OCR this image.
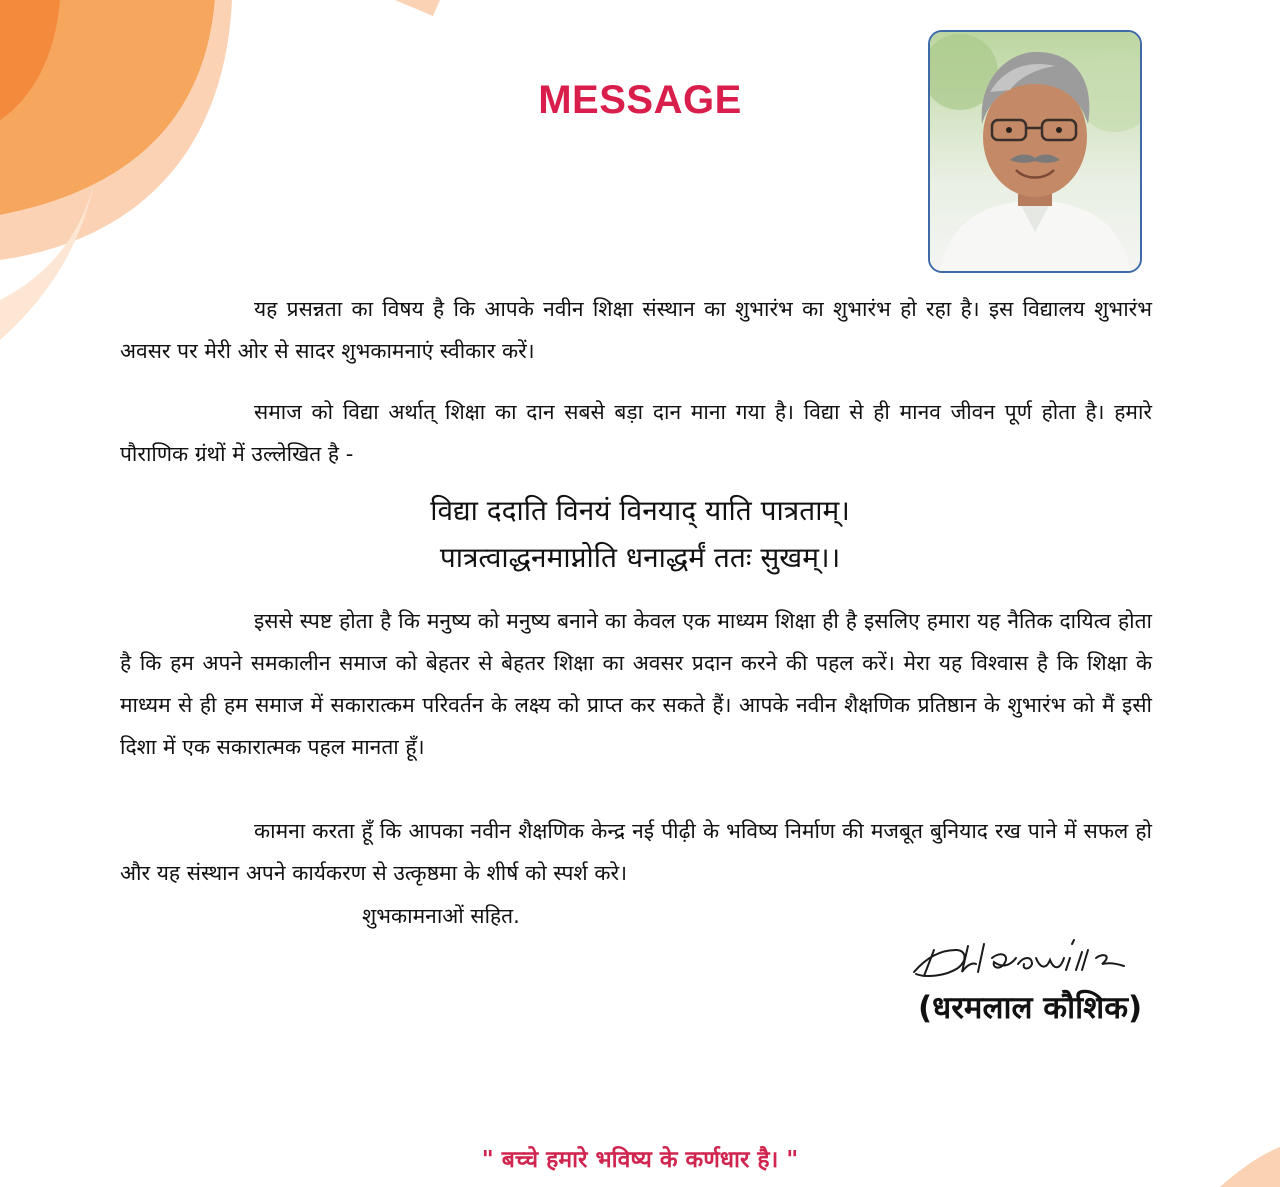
MESSAGE
यह प्रसन्नता का विषय है कि आपके नवीन शिक्षा संस्थान का शुभारंभ का शुभारंभ हो रहा है। इस विद्यालय शुभारंभ अवसर पर मेरी ओर से सादर शुभकामनाएं स्वीकार करें।
समाज को विद्या अर्थात् शिक्षा का दान सबसे बड़ा दान माना गया है। विद्या से ही मानव जीवन पूर्ण होता है। हमारे पौराणिक ग्रंथों में उल्लेखित है -
विद्या ददाति विनयं विनयाद् याति पात्रताम्।
पात्रत्वाद्धनमाप्नोति धनाद्धर्मं ततः सुखम्।।
इससे स्पष्ट होता है कि मनुष्य को मनुष्य बनाने का केवल एक माध्यम शिक्षा ही है इसलिए हमारा यह नैतिक दायित्व होता है कि हम अपने समकालीन समाज को बेहतर से बेहतर शिक्षा का अवसर प्रदान करने की पहल करें। मेरा यह विश्वास है कि शिक्षा के माध्यम से ही हम समाज में सकारात्कम परिवर्तन के लक्ष्य को प्राप्त कर सकते हैं। आपके नवीन शैक्षणिक प्रतिष्ठान के शुभारंभ को मैं इसी दिशा में एक सकारात्मक पहल मानता हूँ।
कामना करता हूँ कि आपका नवीन शैक्षणिक केन्द्र नई पीढ़ी के भविष्य निर्माण की मजबूत बुनियाद रख पाने में सफल हो और यह संस्थान अपने कार्यकरण से उत्कृष्ठमा के शीर्ष को स्पर्श करे।
शुभकामनाओं सहित.
(धरमलाल कौशिक)
" बच्चे हमारे भविष्य के कर्णधार है। "
